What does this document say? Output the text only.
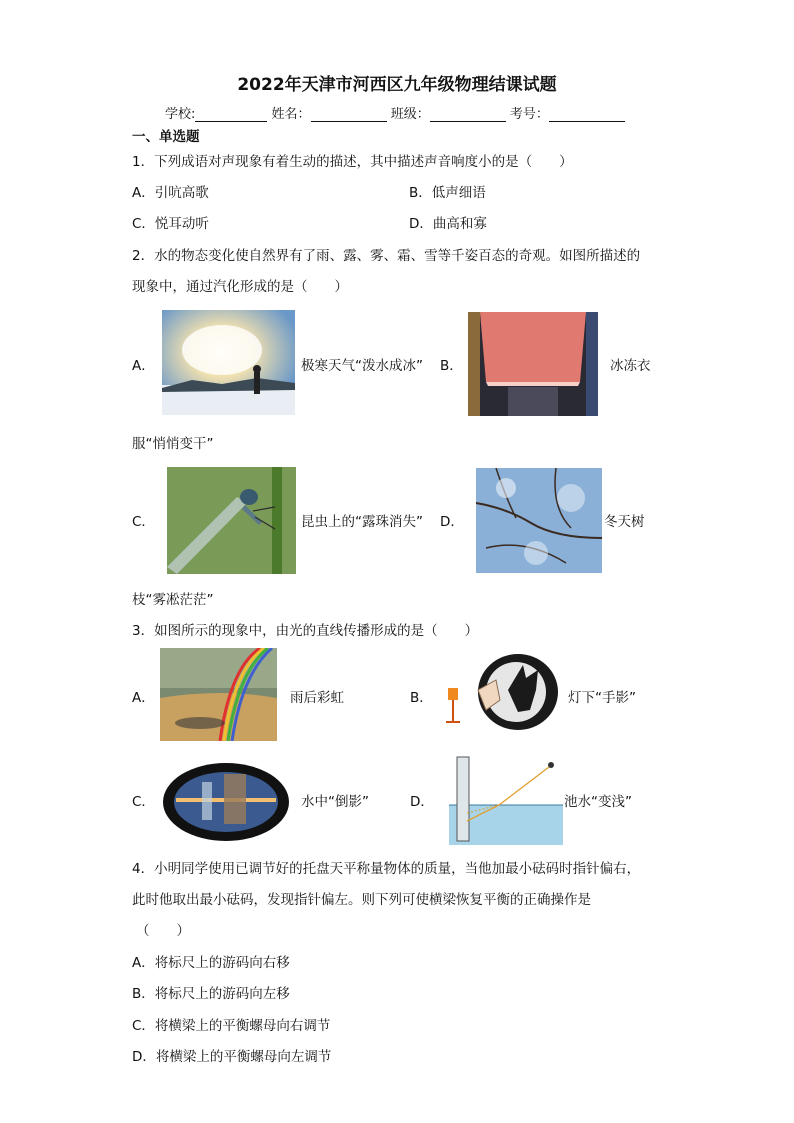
2022年天津市河西区九年级物理结课试题
学校:	姓名：	班级：	考号：
一、单选题
1．下列成语对声现象有着生动的描述，其中描述声音响度小的是（　　）
A．引吭高歌	B．低声细语
C．悦耳动听	D．曲高和寡
2．水的物态变化使自然界有了雨、露、雾、霜、雪等千姿百态的奇观。如图所描述的
现象中，通过汽化形成的是（　　）
A．	极寒天气“泼水成冰” B．	冰冻衣
服“悄悄变干”
C．	昆虫上的“露珠消失” D．	冬天树
枝“雾凇茫茫”
3．如图所示的现象中，由光的直线传播形成的是（　　）
A．	雨后彩虹	B．	灯下“手影”
C．	水中“倒影”	D．	池水“变浅”
4．小明同学使用已调节好的托盘天平称量物体的质量，当他加最小砝码时指针偏右，
此时他取出最小砝码，发现指针偏左。则下列可使横梁恢复平衡的正确操作是
（　　）
A．将标尺上的游码向右移
B．将标尺上的游码向左移
C．将横梁上的平衡螺母向右调节
D．将横梁上的平衡螺母向左调节
